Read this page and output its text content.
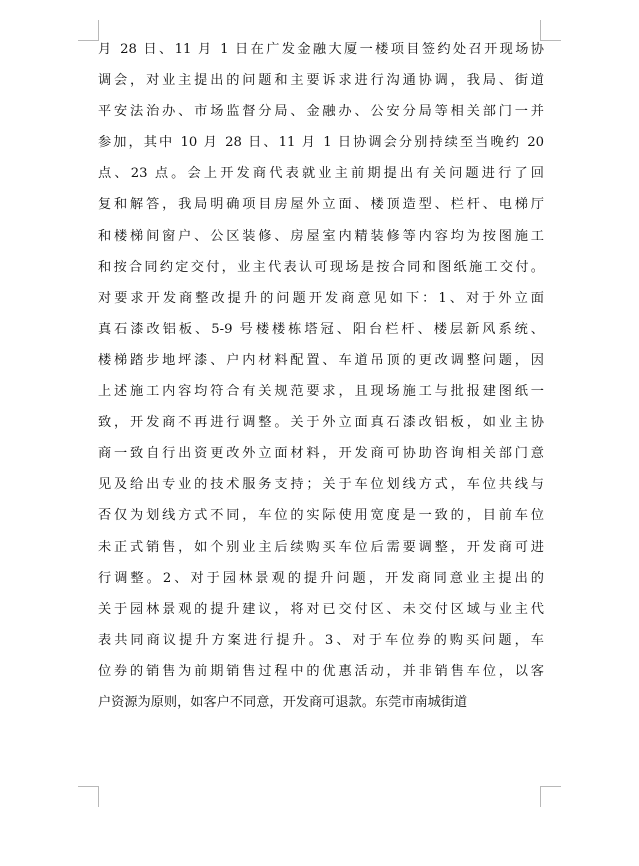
月 28 日、11 月 1 日在广发金融大厦一楼项目签约处召开现场协
调会，对业主提出的问题和主要诉求进行沟通协调，我局、街道
平安法治办、市场监督分局、金融办、公安分局等相关部门一并
参加，其中 10 月 28 日、11 月 1 日协调会分别持续至当晚约 20
点、23 点。会上开发商代表就业主前期提出有关问题进行了回
复和解答，我局明确项目房屋外立面、楼顶造型、栏杆、电梯厅
和楼梯间窗户、公区装修、房屋室内精装修等内容均为按图施工
和按合同约定交付，业主代表认可现场是按合同和图纸施工交付。
对要求开发商整改提升的问题开发商意见如下：1、对于外立面
真石漆改铝板、5-9 号楼楼栋塔冠、阳台栏杆、楼层新风系统、
楼梯踏步地坪漆、户内材料配置、车道吊顶的更改调整问题，因
上述施工内容均符合有关规范要求，且现场施工与批报建图纸一
致，开发商不再进行调整。关于外立面真石漆改铝板，如业主协
商一致自行出资更改外立面材料，开发商可协助咨询相关部门意
见及给出专业的技术服务支持；关于车位划线方式，车位共线与
否仅为划线方式不同，车位的实际使用宽度是一致的，目前车位
未正式销售，如个别业主后续购买车位后需要调整，开发商可进
行调整。2、对于园林景观的提升问题，开发商同意业主提出的
关于园林景观的提升建议，将对已交付区、未交付区域与业主代
表共同商议提升方案进行提升。3、对于车位券的购买问题，车
位券的销售为前期销售过程中的优惠活动，并非销售车位，以客
户资源为原则，如客户不同意，开发商可退款。东莞市南城街道
